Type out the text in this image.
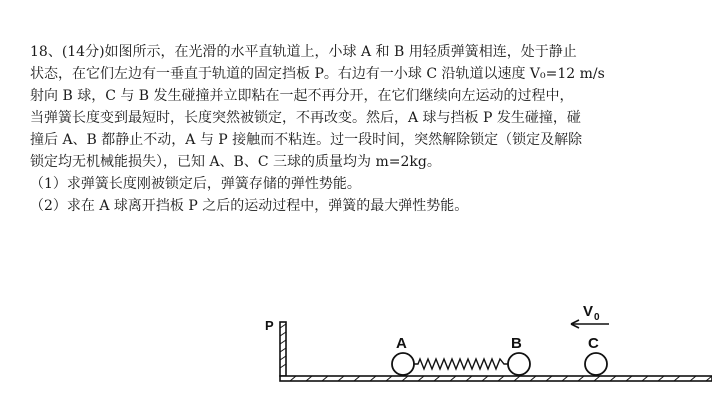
18、(14分)如图所示，在光滑的水平直轨道上，小球 A 和 B 用轻质弹簧相连，处于静止
状态，在它们左边有一垂直于轨道的固定挡板 P。右边有一小球 C 沿轨道以速度 V₀=12 m/s
射向 B 球，C 与 B 发生碰撞并立即粘在一起不再分开，在它们继续向左运动的过程中，
当弹簧长度变到最短时，长度突然被锁定，不再改变。然后，A 球与挡板 P 发生碰撞，碰
撞后 A、B 都静止不动，A 与 P 接触而不粘连。过一段时间，突然解除锁定（锁定及解除
锁定均无机械能损失），已知 A、B、C 三球的质量均为 m=2kg。
（1）求弹簧长度刚被锁定后，弹簧存储的弹性势能。
（2）求在 A 球离开挡板 P 之后的运动过程中，弹簧的最大弹性势能。
P
A	B	C
V 0
